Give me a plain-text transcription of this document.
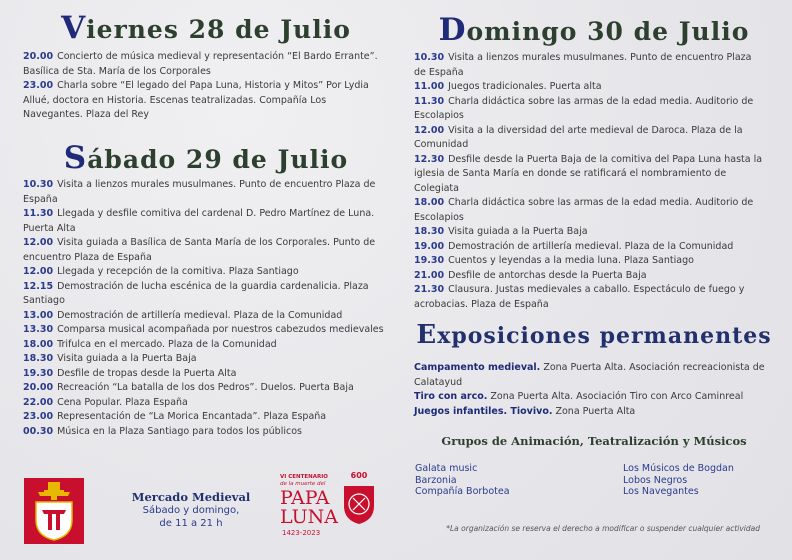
Viernes 28 de Julio
20.00 Concierto de música medieval y representación “El Bardo Errante”. Basílica de Sta. María de los Corporales
23.00 Charla sobre “El legado del Papa Luna, Historia y Mitos” Por Lydia Allué, doctora en Historia. Escenas teatralizadas. Compañía Los Navegantes. Plaza del Rey
Sábado 29 de Julio
10.30 Visita a lienzos murales musulmanes. Punto de encuentro Plaza de España
11.30 Llegada y desfile comitiva del cardenal D. Pedro Martínez de Luna. Puerta Alta
12.00 Visita guiada a Basílica de Santa María de los Corporales. Punto de encuentro Plaza de España
12.00 Llegada y recepción de la comitiva. Plaza Santiago
12.15 Demostración de lucha escénica de la guardia cardenalicia. Plaza Santiago
13.00 Demostración de artillería medieval. Plaza de la Comunidad
13.30 Comparsa musical acompañada por nuestros cabezudos medievales
18.00 Trifulca en el mercado. Plaza de la Comunidad
18.30 Visita guiada a la Puerta Baja
19.30 Desfile de tropas desde la Puerta Alta
20.00 Recreación “La batalla de los dos Pedros”. Duelos. Puerta Baja
22.00 Cena Popular. Plaza España
23.00 Representación de “La Morica Encantada”. Plaza España
00.30 Música en la Plaza Santiago para todos los públicos
Mercado Medieval
Sábado y domingo,
de 11 a 21 h
VI CENTENARIO
de la muerte del
PAPA
LUNA
1423-2023
600
Domingo 30 de Julio
10.30 Visita a lienzos murales musulmanes. Punto de encuentro Plaza de España
11.00 Juegos tradicionales. Puerta alta
11.30 Charla didáctica sobre las armas de la edad media. Auditorio de Escolapios
12.00 Visita a la diversidad del arte medieval de Daroca. Plaza de la Comunidad
12.30 Desfile desde la Puerta Baja de la comitiva del Papa Luna hasta la iglesia de Santa María en donde se ratificará el nombramiento de Colegiata
18.00 Charla didáctica sobre las armas de la edad media. Auditorio de Escolapios
18.30 Visita guiada a la Puerta Baja
19.00 Demostración de artillería medieval. Plaza de la Comunidad
19.30 Cuentos y leyendas a la media luna. Plaza Santiago
21.00 Desfile de antorchas desde la Puerta Baja
21.30 Clausura. Justas medievales a caballo. Espectáculo de fuego y acrobacias. Plaza de España
Exposiciones permanentes
Campamento medieval. Zona Puerta Alta. Asociación recreacionista de Calatayud
Tiro con arco. Zona Puerta Alta. Asociación Tiro con Arco Caminreal
Juegos infantiles. Tiovivo. Zona Puerta Alta
Grupos de Animación, Teatralización y Músicos
Galata music
Barzonia
Compañía Borbotea
Los Músicos de Bogdan
Lobos Negros
Los Navegantes
*La organización se reserva el derecho a modificar o suspender cualquier actividad
